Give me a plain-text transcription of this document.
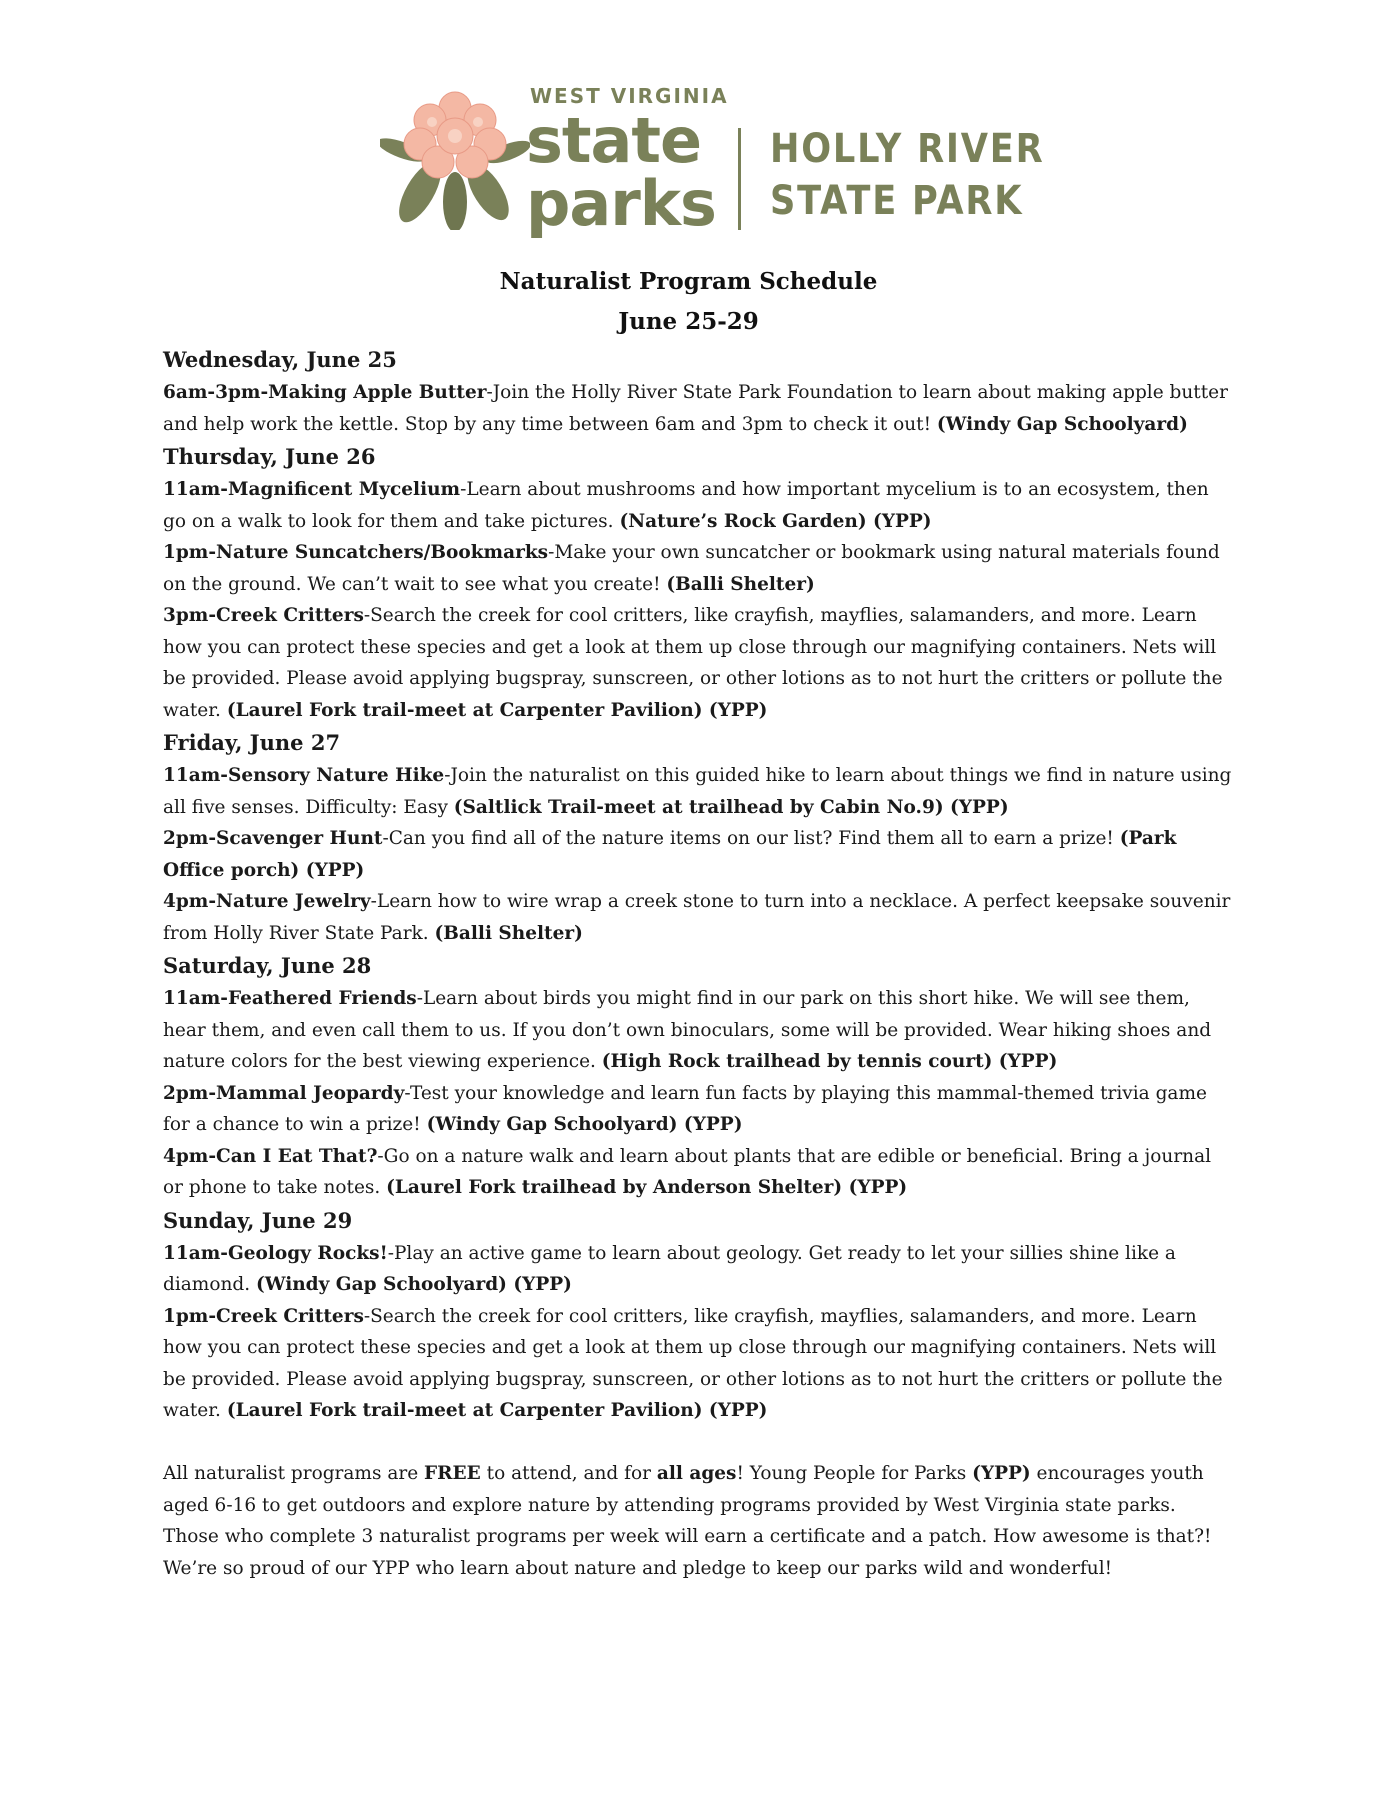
WEST VIRGINIA
state
parks
HOLLY RIVER
STATE PARK
Naturalist Program Schedule
June 25-29

Wednesday, June 25

6am-3pm-Making Apple Butter-Join the Holly River State Park Foundation to learn about making apple butter and help work the kettle. Stop by any time between 6am and 3pm to check it out! (Windy Gap Schoolyard)

Thursday, June 26

11am-Magnificent Mycelium-Learn about mushrooms and how important mycelium is to an ecosystem, then go on a walk to look for them and take pictures. (Nature’s Rock Garden) (YPP)

1pm-Nature Suncatchers/Bookmarks-Make your own suncatcher or bookmark using natural materials found on the ground. We can’t wait to see what you create! (Balli Shelter)

3pm-Creek Critters-Search the creek for cool critters, like crayfish, mayflies, salamanders, and more. Learn how you can protect these species and get a look at them up close through our magnifying containers. Nets will be provided. Please avoid applying bugspray, sunscreen, or other lotions as to not hurt the critters or pollute the water. (Laurel Fork trail-meet at Carpenter Pavilion) (YPP)

Friday, June 27

11am-Sensory Nature Hike-Join the naturalist on this guided hike to learn about things we find in nature using all five senses. Difficulty: Easy (Saltlick Trail-meet at trailhead by Cabin No.9) (YPP)

2pm-Scavenger Hunt-Can you find all of the nature items on our list? Find them all to earn a prize! (Park Office porch) (YPP)

4pm-Nature Jewelry-Learn how to wire wrap a creek stone to turn into a necklace. A perfect keepsake souvenir from Holly River State Park. (Balli Shelter)

Saturday, June 28

11am-Feathered Friends-Learn about birds you might find in our park on this short hike. We will see them, hear them, and even call them to us. If you don’t own binoculars, some will be provided. Wear hiking shoes and nature colors for the best viewing experience. (High Rock trailhead by tennis court) (YPP)

2pm-Mammal Jeopardy-Test your knowledge and learn fun facts by playing this mammal-themed trivia game for a chance to win a prize! (Windy Gap Schoolyard) (YPP)

4pm-Can I Eat That?-Go on a nature walk and learn about plants that are edible or beneficial. Bring a journal or phone to take notes. (Laurel Fork trailhead by Anderson Shelter) (YPP)

Sunday, June 29

11am-Geology Rocks!-Play an active game to learn about geology. Get ready to let your sillies shine like a diamond. (Windy Gap Schoolyard) (YPP)

1pm-Creek Critters-Search the creek for cool critters, like crayfish, mayflies, salamanders, and more. Learn how you can protect these species and get a look at them up close through our magnifying containers. Nets will be provided. Please avoid applying bugspray, sunscreen, or other lotions as to not hurt the critters or pollute the water. (Laurel Fork trail-meet at Carpenter Pavilion) (YPP)

All naturalist programs are FREE to attend, and for all ages! Young People for Parks (YPP) encourages youth aged 6-16 to get outdoors and explore nature by attending programs provided by West Virginia state parks. Those who complete 3 naturalist programs per week will earn a certificate and a patch. How awesome is that?! We’re so proud of our YPP who learn about nature and pledge to keep our parks wild and wonderful!
